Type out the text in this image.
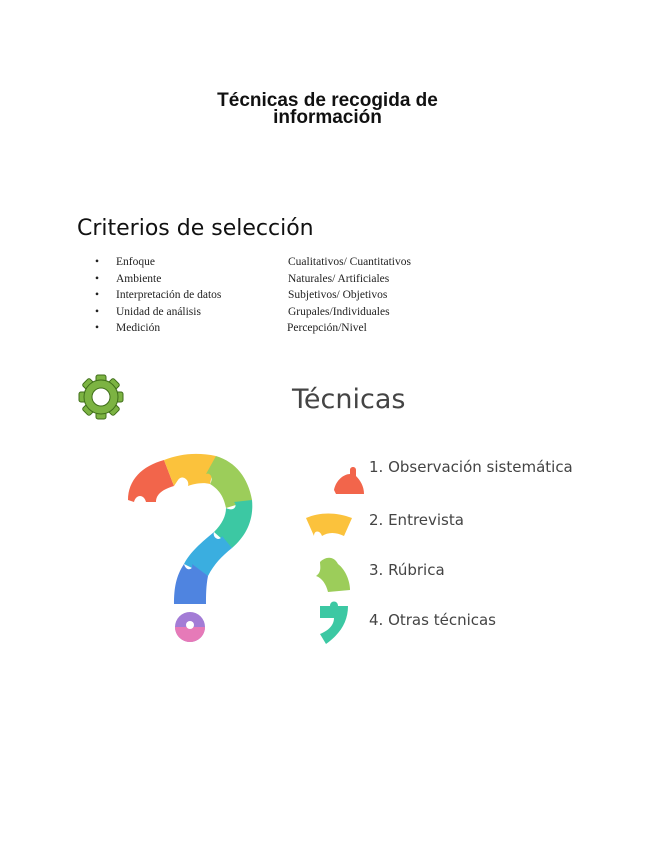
Técnicas de recogida de
información
Criterios de selección
• Enfoque	Cualitativos/ Cuantitativos
• Ambiente	Naturales/ Artificiales
• Interpretación de datos	Subjetivos/ Objetivos
• Unidad de análisis	Grupales/Individuales
• Medición	Percepción/Nivel
Técnicas
1. Observación sistemática
2. Entrevista
3. Rúbrica
4. Otras técnicas
